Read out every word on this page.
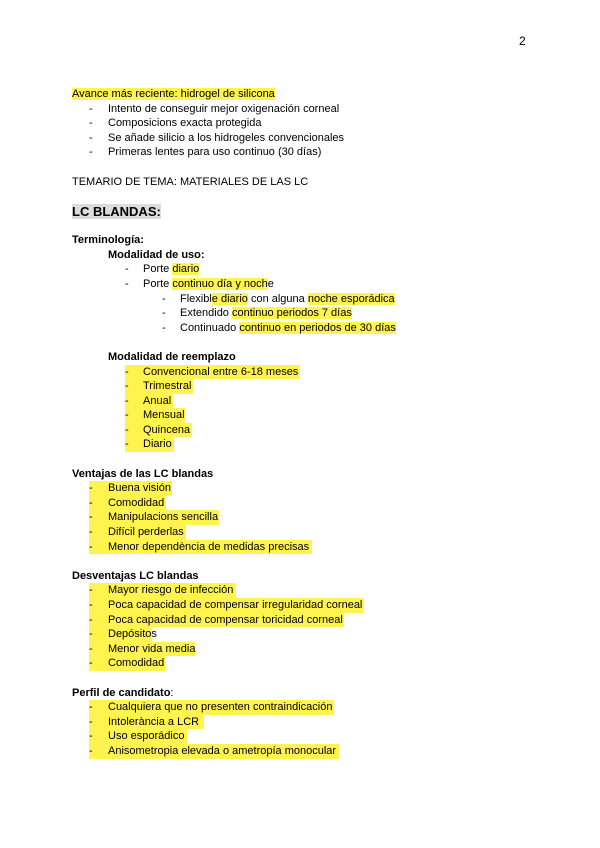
2
Avance más reciente: hidrogel de silicona
- Intento de conseguir mejor oxigenación corneal
- Composicions exacta protegida
- Se añade silicio a los hidrogeles convencionales
- Primeras lentes para uso continuo (30 días)
TEMARIO DE TEMA: MATERIALES DE LAS LC
LC BLANDAS:
Terminología:
Modalidad de uso:
- Porte diario
- Porte continuo día y noche
- Flexible diario con alguna noche esporádica
- Extendido continuo periodos 7 días
- Continuado continuo en periodos de 30 días
Modalidad de reemplazo
- Convencional entre 6-18 meses
- Trimestral
- Anual
- Mensual
- Quincena
- Diario
Ventajas de las LC blandas
- Buena visión
- Comodidad
- Manipulacions sencilla
- Difícil perderlas
- Menor dependència de medidas precisas
Desventajas LC blandas
- Mayor riesgo de infección
- Poca capacidad de compensar irregularidad corneal
- Poca capacidad de compensar toricidad corneal
- Depósitos
- Menor vida media
- Comodidad
Perfil de candidato:
- Cualquiera que no presenten contraindicación
- Intolerància a LCR
- Uso esporádico
- Anisometropia elevada o ametropía monocular
